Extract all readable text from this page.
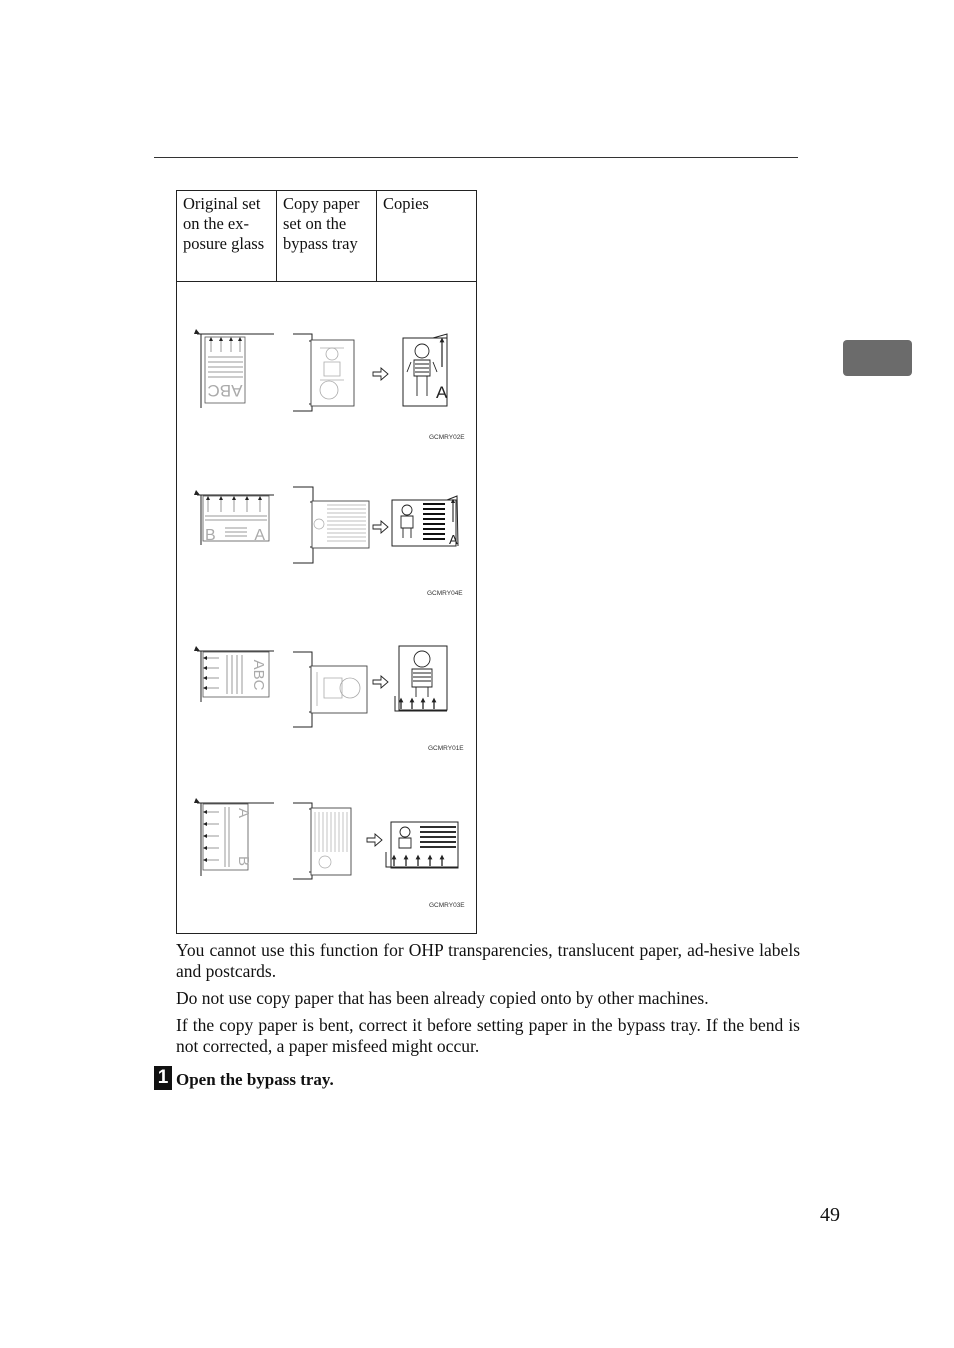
Original set on the ex-posure glass
Copy paper set on the bypass tray
Copies
ABC	A
GCMRY02E
B A	A
GCMRY04E
ABC
GCMRY01E
A B
GCMRY03E

You cannot use this function for OHP transparencies, translucent paper, ad-hesive labels and postcards.

Do not use copy paper that has been already copied onto by other machines.

If the copy paper is bent, correct it before setting paper in the bypass tray. If the bend is not corrected, a paper misfeed might occur.

1 Open the bypass tray.
49
